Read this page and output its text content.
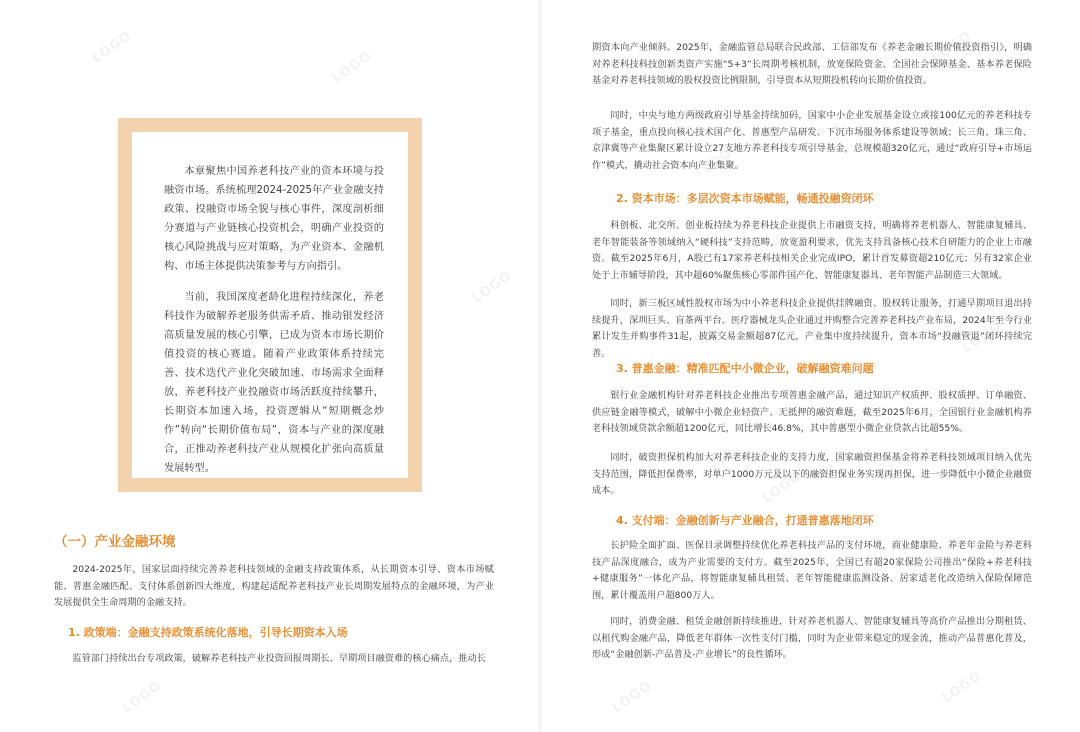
本章聚焦中国养老科技产业的资本环境与投融资市场。系统梳理2024-2025年产业金融支持政策、投融资市场全貌与核心事件，深度剖析细分赛道与产业链核心投资机会，明确产业投资的核心风险挑战与应对策略，为产业资本、金融机构、市场主体提供决策参考与方向指引。

当前，我国深度老龄化进程持续深化，养老科技作为破解养老服务供需矛盾、推动银发经济高质量发展的核心引擎，已成为资本市场长期价值投资的核心赛道。随着产业政策体系持续完善、技术迭代产业化突破加速、市场需求全面释放，养老科技产业投融资市场活跃度持续攀升，长期资本加速入场，投资逻辑从“短期概念炒作”转向“长期价值布局”，资本与产业的深度融合，正推动养老科技产业从规模化扩张向高质量发展转型。

（一）产业金融环境

2024-2025年，国家层面持续完善养老科技领域的金融支持政策体系，从长期资本引导、资本市场赋能、普惠金融匹配、支付体系创新四大维度，构建起适配养老科技产业长周期发展特点的金融环境，为产业发展提供全生命周期的金融支持。

1. 政策端：金融支持政策系统化落地，引导长期资本入场

监管部门持续出台专项政策，破解养老科技产业投资回报周期长、早期项目融资难的核心痛点，推动长

期资本向产业倾斜。2025年，金融监管总局联合民政部、工信部发布《养老金融长期价值投资指引》，明确对养老科技科技创新类资产实施“5+3”长周期考核机制，放宽保险资金、全国社会保障基金、基本养老保险基金对养老科技领域的股权投资比例限制，引导资本从短期投机转向长期价值投资。

同时，中央与地方两级政府引导基金持续加码，国家中小企业发展基金设立或接100亿元的养老科技专项子基金，重点投向核心技术国产化、普惠型产品研发、下沉市场服务体系建设等领域；长三角、珠三角、京津冀等产业集聚区累计设立27支地方养老科技专项引导基金，总规模超320亿元，通过“政府引导+市场运作”模式，撬动社会资本向产业集聚。

2. 资本市场：多层次资本市场赋能，畅通投融资闭环

科创板、北交所、创业板持续为养老科技企业提供上市融资支持，明确将养老机器人、智能康复辅具、老年智能装备等领域纳入“硬科技”支持范畴，放宽盈利要求，优先支持具备核心技术自研能力的企业上市融资。截至2025年6月，A股已有17家养老科技相关企业完成IPO，累计首发募资超210亿元；另有32家企业处于上市辅导阶段，其中超60%聚焦核心零部件国产化、智能康复器具、老年智能产品制造三大领域。

同时，新三板区域性股权市场为中小养老科技企业提供挂牌融资、股权转让服务，打通早期项目退出持续提升，深圳巨头、盲茶两平台、医疗器械龙头企业通过并购整合完善养老科技产业布局，2024年至今行业累计发生并购事件31起，披露交易金额超87亿元，产业集中度持续提升，资本市场“投融管退”闭环持续完善。

3. 普惠金融：精准匹配中小微企业，破解融资难问题

银行业金融机构针对养老科技企业推出专项普惠金融产品，通过知识产权质押、股权质押、订单融资、供应链金融等模式，破解中小微企业轻资产、无抵押的融资难题，截至2025年6月，全国银行业金融机构养老科技领域贷款余额超1200亿元，同比增长46.8%，其中普惠型小微企业贷款占比超55%。

同时，破资担保机构加大对养老科技企业的支持力度，国家融资担保基金将养老科技领域项目纳入优先支持范围，降低担保费率，对单户1000万元及以下的融资担保业务实现再担保，进一步降低中小微企业融资成本。

4. 支付端：金融创新与产业融合，打通普惠落地闭环

长护险全面扩面、医保目录调整持续优化养老科技产品的支付环境，商业健康险、养老年金险与养老科技产品深度融合，成为产业需要的支付方。截至2025年，全国已有超20家保险公司推出“保险+养老科技+健康服务”一体化产品，将智能康复辅具租赁、老年智能健康监测设备、居家适老化改造纳入保险保障范围，累计覆盖用户超800万人。

同时，消费金融、租赁金融创新持续推进，针对养老机器人、智能康复辅具等高价产品推出分期租赁、以租代购金融产品，降低老年群体一次性支付门槛，同时为企业带来稳定的现金流，推动产品普惠化普及，形成“金融创新-产品普及-产业增长”的良性循环。

LOGO
LOGO
LOGO
LOGO
LOGO
LOGO
LOGO
LOGO
LOGO
LOGO
